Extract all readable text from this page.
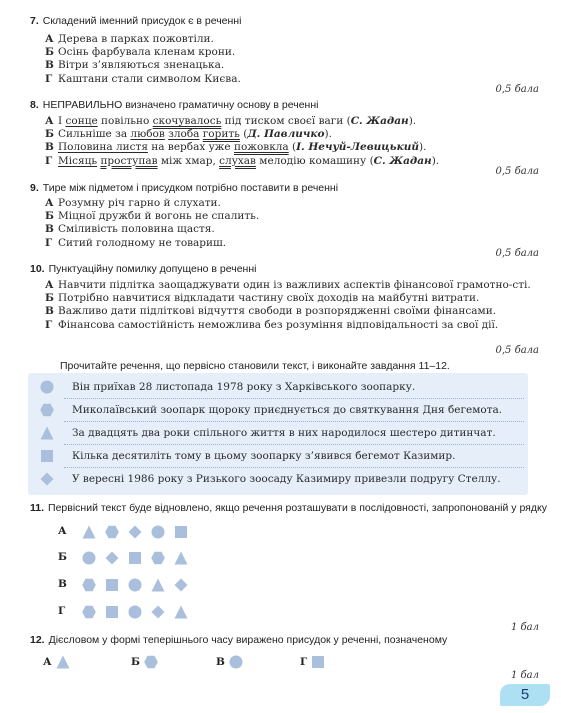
7. Складений іменний присудок є в реченні
А Дерева в парках пожовтіли.
Б Осінь фарбувала кленам крони.
В Вітри з’являються зненацька.
Г Каштани стали символом Києва.
0,5 бала
8. НЕПРАВИЛЬНО визначено граматичну основу в реченні
А І сонце повільно скочувалось під тиском своєї ваги (С. Жадан).
Б Сильніше за любов злоба горить (Д. Павличко).
В Половина листя на вербах уже пожовкла (І. Нечуй-Левицький).
Г Місяць проступав між хмар, слухав мелодію комашину (С. Жадан).
0,5 бала
9. Тире між підметом і присудком потрібно поставити в реченні
А Розумну річ гарно й слухати.
Б Міцної дружби й вогонь не спалить.
В Сміливість половина щастя.
Г Ситий голодному не товариш.
0,5 бала
10. Пунктуаційну помилку допущено в реченні
А Навчити підлітка заощаджувати один із важливих аспектів фінансової грамотно-сті.
Б Потрібно навчитися відкладати частину своїх доходів на майбутні витрати.
В Важливо дати підліткові відчуття свободи в розпорядженні своїми фінансами.
Г Фінансова самостійність неможлива без розуміння відповідальності за свої дії.
0,5 бала
Прочитайте речення, що первісно становили текст, і виконайте завдання 11–12.
Він приїхав 28 листопада 1978 року з Харківського зоопарку.
Миколаївський зоопарк щороку приєднується до святкування Дня бегемота.
За двадцять два роки спільного життя в них народилося шестеро дитинчат.
Кілька десятиліть тому в цьому зоопарку з’явився бегемот Казимир.
У вересні 1986 року з Ризького зоосаду Казимиру привезли подругу Стеллу.
11. Первісний текст буде відновлено, якщо речення розташувати в послідовності, запропонованій у рядку
А
Б
В
Г
1 бал
12. Дієсловом у формі теперішнього часу виражено присудок у реченні, позначеному
А	Б	В	Г
1 бал
5
